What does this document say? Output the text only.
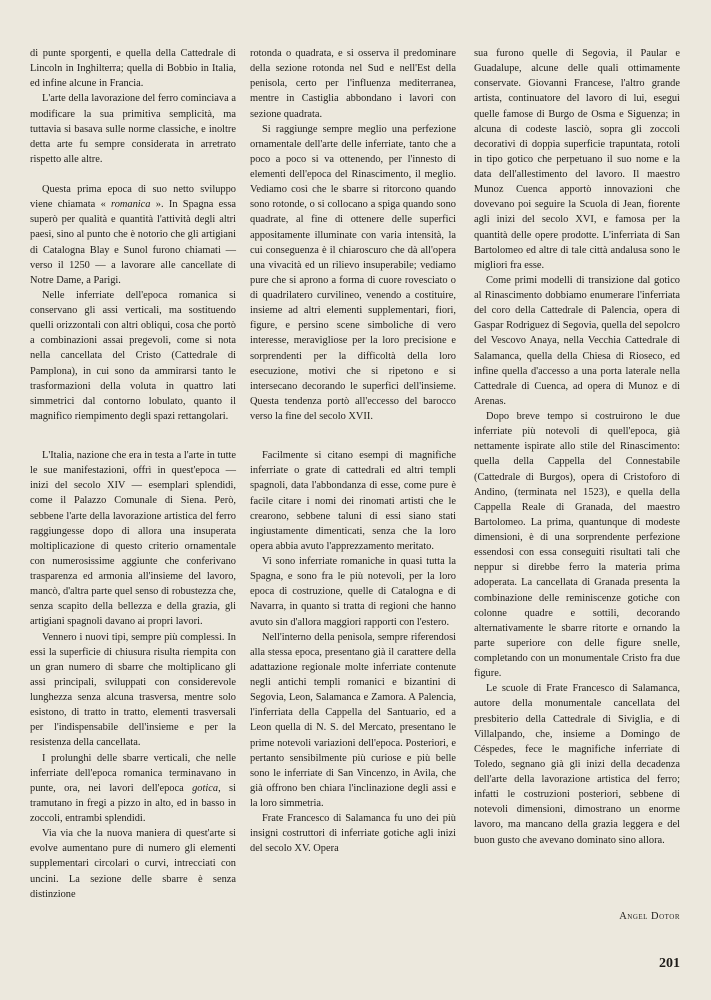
di punte sporgenti, e quella della Cattedrale di Lincoln in Inghilterra; quella di Bobbio in Italia, ed infine alcune in Francia.

L'arte della lavorazione del ferro cominciava a modificare la sua primitiva semplicità, ma tuttavia si basava sulle norme classiche, e inoltre detta arte fu sempre considerata in arretrato rispetto alle altre.

Questa prima epoca di suo netto sviluppo viene chiamata « romanica ». In Spagna essa superò per qualità e quantità l'attività degli altri paesi, sino al punto che è notorio che gli artigiani di Catalogna Blay e Sunol furono chiamati — verso il 1250 — a lavorare alle cancellate di Notre Dame, a Parigi.

Nelle inferriate dell'epoca romanica si conservano gli assi verticali, ma sostituendo quelli orizzontali con altri obliqui, cosa che portò a combinazioni assai pregevoli, come si nota nella cancellata del Cristo (Cattedrale di Pamplona), in cui sono da ammirarsi tanto le trasformazioni della voluta in quattro lati simmetrici dal contorno lobulato, quanto il magnifico riempimento degli spazi rettangolari.

L'Italia, nazione che era in testa a l'arte in tutte le sue manifestazioni, offrì in quest'epoca — inizi del secolo XIV — esemplari splendidi, come il Palazzo Comunale di Siena. Però, sebbene l'arte della lavorazione artistica del ferro raggiungesse dopo di allora una insuperata moltiplicazione di questo criterio ornamentale con numerosissime aggiunte che conferivano trasparenza ed armonia all'insieme del lavoro, mancò, d'altra parte quel senso di robustezza che, senza scapito della bellezza e della grazia, gli artigiani spagnoli davano ai propri lavori.

Vennero i nuovi tipi, sempre più complessi. In essi la superficie di chiusura risulta riempita con un gran numero di sbarre che moltiplicano gli assi principali, sviluppati con considerevole lunghezza senza alcuna trasversa, mentre solo esistono, di tratto in tratto, elementi trasversali per l'indispensabile dell'insieme e per la resistenza della cancellata.

I prolunghi delle sbarre verticali, che nelle inferriate dell'epoca romanica terminavano in punte, ora, nei lavori dell'epoca gotica, si tramutano in fregi a pizzo in alto, ed in basso in zoccoli, entrambi splendidi.

Via via che la nuova maniera di quest'arte si evolve aumentano pure di numero gli elementi supplementari circolari o curvi, intrecciati con uncini. La sezione delle sbarre è senza distinzione

rotonda o quadrata, e si osserva il predominare della sezione rotonda nel Sud e nell'Est della penisola, certo per l'influenza mediterranea, mentre in Castiglia abbondano i lavori con sezione quadrata.

Si raggiunge sempre meglio una perfezione ornamentale dell'arte delle inferriate, tanto che a poco a poco si va ottenendo, per l'innesto di elementi dell'epoca del Rinascimento, il meglio. Vediamo così che le sbarre si ritorcono quando sono rotonde, o si collocano a spiga quando sono quadrate, al fine di ottenere delle superfici appositamente illuminate con varia intensità, la cui conseguenza è il chiaroscuro che dà all'opera una vivacità ed un rilievo insuperabile; vediamo pure che si aprono a forma di cuore rovesciato o di quadrilatero curvilineo, venendo a costituire, insieme ad altri elementi supplementari, fiori, figure, e persino scene simboliche di vero interesse, meravigliose per la loro precisione e sorprendenti per la difficoltà della loro esecuzione, motivi che si ripetono e si intersecano decorando le superfici dell'insieme. Questa tendenza portò all'eccesso del barocco verso la fine del secolo XVII.

Facilmente si citano esempi di magnifiche inferriate o grate di cattedrali ed altri templi spagnoli, data l'abbondanza di esse, come pure è facile citare i nomi dei rinomati artisti che le crearono, sebbene taluni di essi siano stati ingiustamente dimenticati, senza che la loro opera abbia avuto l'apprezzamento meritato.

Vi sono inferriate romaniche in quasi tutta la Spagna, e sono fra le più notevoli, per la loro epoca di costruzione, quelle di Catalogna e di Navarra, in quanto si tratta di regioni che hanno avuto sin d'allora maggiori rapporti con l'estero.

Nell'interno della penisola, sempre riferendosi alla stessa epoca, presentano già il carattere della adattazione regionale molte inferriate contenute negli antichi templi romanici e bizantini di Segovia, Leon, Salamanca e Zamora. A Palencia, l'inferriata della Cappella del Santuario, ed a Leon quella di N. S. del Mercato, presentano le prime notevoli variazioni dell'epoca. Posteriori, e pertanto sensibilmente più curiose e più belle sono le inferriate di San Vincenzo, in Avila, che già offrono ben chiara l'inclinazione degli assi e la loro simmetria.

Frate Francesco di Salamanca fu uno dei più insigni costruttori di inferriate gotiche agli inizi del secolo XV. Opera

sua furono quelle di Segovia, il Paular e Guadalupe, alcune delle quali ottimamente conservate. Giovanni Francese, l'altro grande artista, continuatore del lavoro di lui, eseguì quelle famose di Burgo de Osma e Siguenza; in alcuna di codeste lasciò, sopra gli zoccoli decorativi di doppia superficie trapuntata, rotoli in tipo gotico che perpetuano il suo nome e la data dell'allestimento del lavoro. Il maestro Munoz Cuenca apportò innovazioni che dovevano poi seguire la Scuola di Jean, fiorente agli inizi del secolo XVI, e famosa per la quantità delle opere prodotte. L'inferriata di San Bartolomeo ed altre di tale città andalusa sono le migliori fra esse.

Come primi modelli di transizione dal gotico al Rinascimento dobbiamo enumerare l'inferriata del coro della Cattedrale di Palencia, opera di Gaspar Rodriguez di Segovia, quella del sepolcro del Vescovo Anaya, nella Vecchia Cattedrale di Salamanca, quella della Chiesa di Rioseco, ed infine quella d'accesso a una porta laterale nella Cattedrale di Cuenca, ad opera di Munoz e di Arenas.

Dopo breve tempo si costruirono le due inferriate più notevoli di quell'epoca, già nettamente ispirate allo stile del Rinascimento: quella della Cappella del Connestabile (Cattedrale di Burgos), opera di Cristoforo di Andino, (terminata nel 1523), e quella della Cappella Reale di Granada, del maestro Bartolomeo. La prima, quantunque di modeste dimensioni, è di una sorprendente perfezione essendosi con essa conseguiti risultati tali che neppur si direbbe ferro la materia prima adoperata. La cancellata di Granada presenta la combinazione delle reminiscenze gotiche con colonne quadre e sottili, decorando alternativamente le sbarre ritorte e ornando la parte superiore con delle figure snelle, completando con un monumentale Cristo fra due figure.

Le scuole di Frate Francesco di Salamanca, autore della monumentale cancellata del presbiterio della Cattedrale di Siviglia, e di Villalpando, che, insieme a Domingo de Céspedes, fece le magnifiche inferriate di Toledo, segnano già gli inizi della decadenza dell'arte della lavorazione artistica del ferro; infatti le costruzioni posteriori, sebbene di notevoli dimensioni, dimostrano un enorme lavoro, ma mancano della grazia leggera e del buon gusto che avevano dominato sino allora.

Angel Dotor
201
